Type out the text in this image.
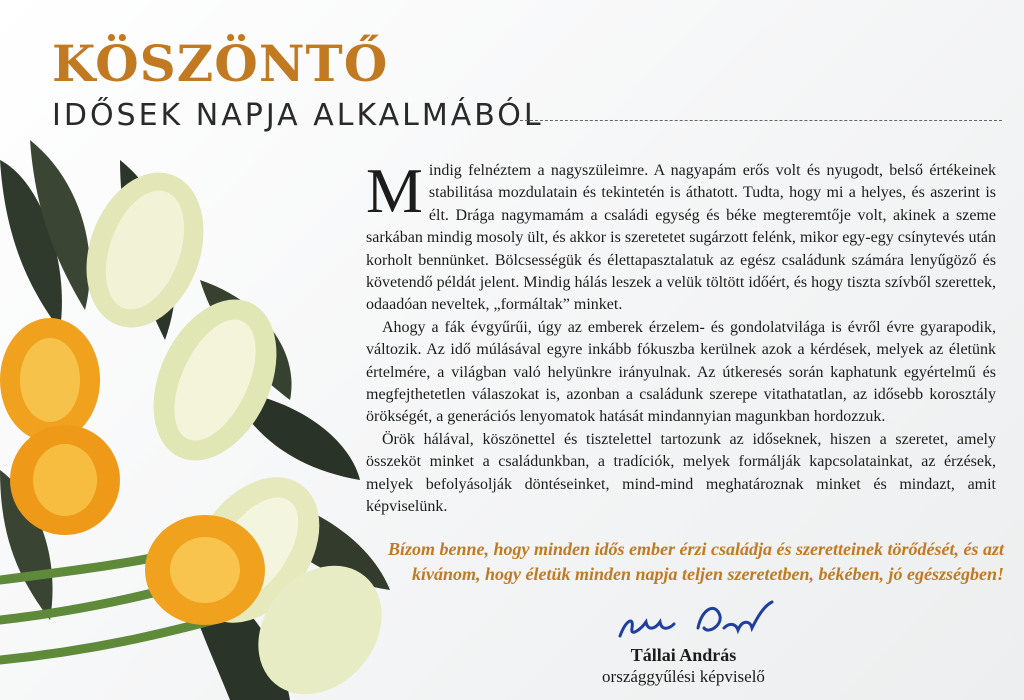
KÖSZÖNTŐ
IDŐSEK NAPJA ALKALMÁBÓL

Mindig felnéztem a nagyszüleimre. A nagyapám erős volt és nyugodt, belső értékeinek stabilitása mozdulatain és tekintetén is áthatott. Tudta, hogy mi a helyes, és aszerint is élt. Drága nagymamám a családi egység és béke megteremtője volt, akinek a szeme sarkában mindig mosoly ült, és akkor is szeretetet sugárzott felénk, mikor egy-egy csínytevés után korholt bennünket. Bölcsességük és élettapasztalatuk az egész családunk számára lenyűgöző és követendő példát jelent. Mindig hálás leszek a velük töltött időért, és hogy tiszta szívből szerettek, odaadóan neveltek, „formáltak” minket.

Ahogy a fák évgyűrűi, úgy az emberek érzelem- és gondolatvilága is évről évre gyarapodik, változik. Az idő múlásával egyre inkább fókuszba kerülnek azok a kérdések, melyek az életünk értelmére, a világban való helyünkre irányulnak. Az útkeresés során kaphatunk egyértelmű és megfejthetetlen válaszokat is, azonban a családunk szerepe vitathatatlan, az idősebb korosztály örökségét, a generációs lenyomatok hatását mindannyian magunkban hordozzuk.

Örök hálával, köszönettel és tisztelettel tartozunk az időseknek, hiszen a szeretet, amely összeköt minket a családunkban, a tradíciók, melyek formálják kapcsolatainkat, az érzések, melyek befolyásolják döntéseinket, mind-mind meghatároznak minket és mindazt, amit képviselünk.

Bízom benne, hogy minden idős ember érzi családja és szeretteinek törődését, és azt

kívánom, hogy életük minden napja teljen szeretetben, békében, jó egészségben!

Tállai András
országgyűlési képviselő
